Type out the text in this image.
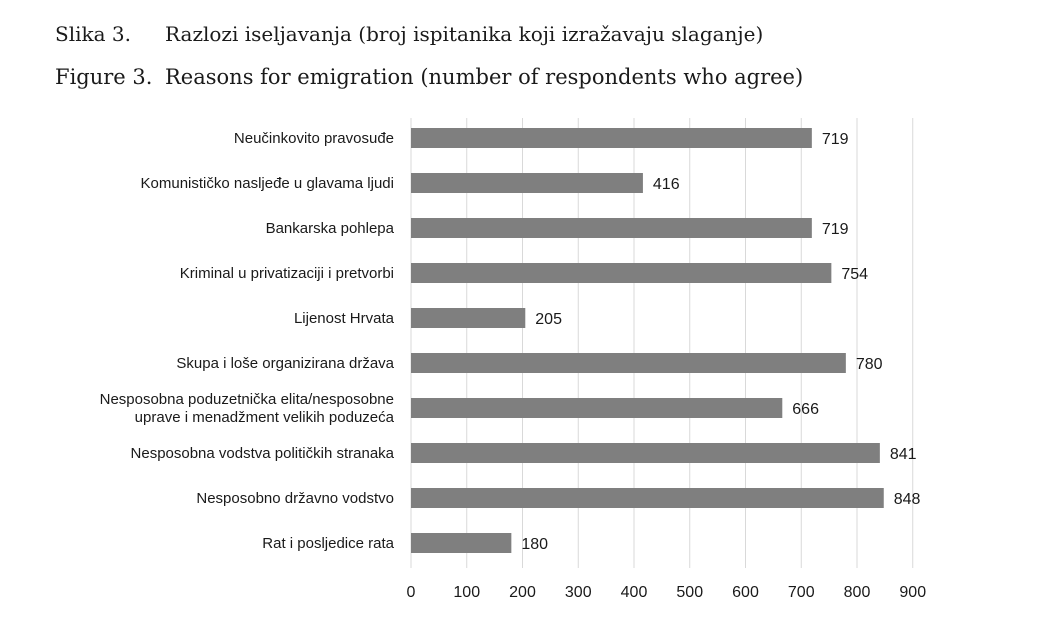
Slika 3. Razlozi iseljavanja (broj ispitanika koji izražavaju slaganje)
Figure 3. Reasons for emigration (number of respondents who agree)
0 100 200 300 400 500 600 700 800 900
719
Neučinkovito pravosuđe
416
Komunističko nasljeđe u glavama ljudi
719
Bankarska pohlepa
754
Kriminal u privatizaciji i pretvorbi
205
Lijenost Hrvata
780
Skupa i loše organizirana država
666
Nesposobna poduzetnička elita/nesposobne
uprave i menadžment velikih poduzeća
841
Nesposobna vodstva političkih stranaka
848
Nesposobno državno vodstvo
180
Rat i posljedice rata
